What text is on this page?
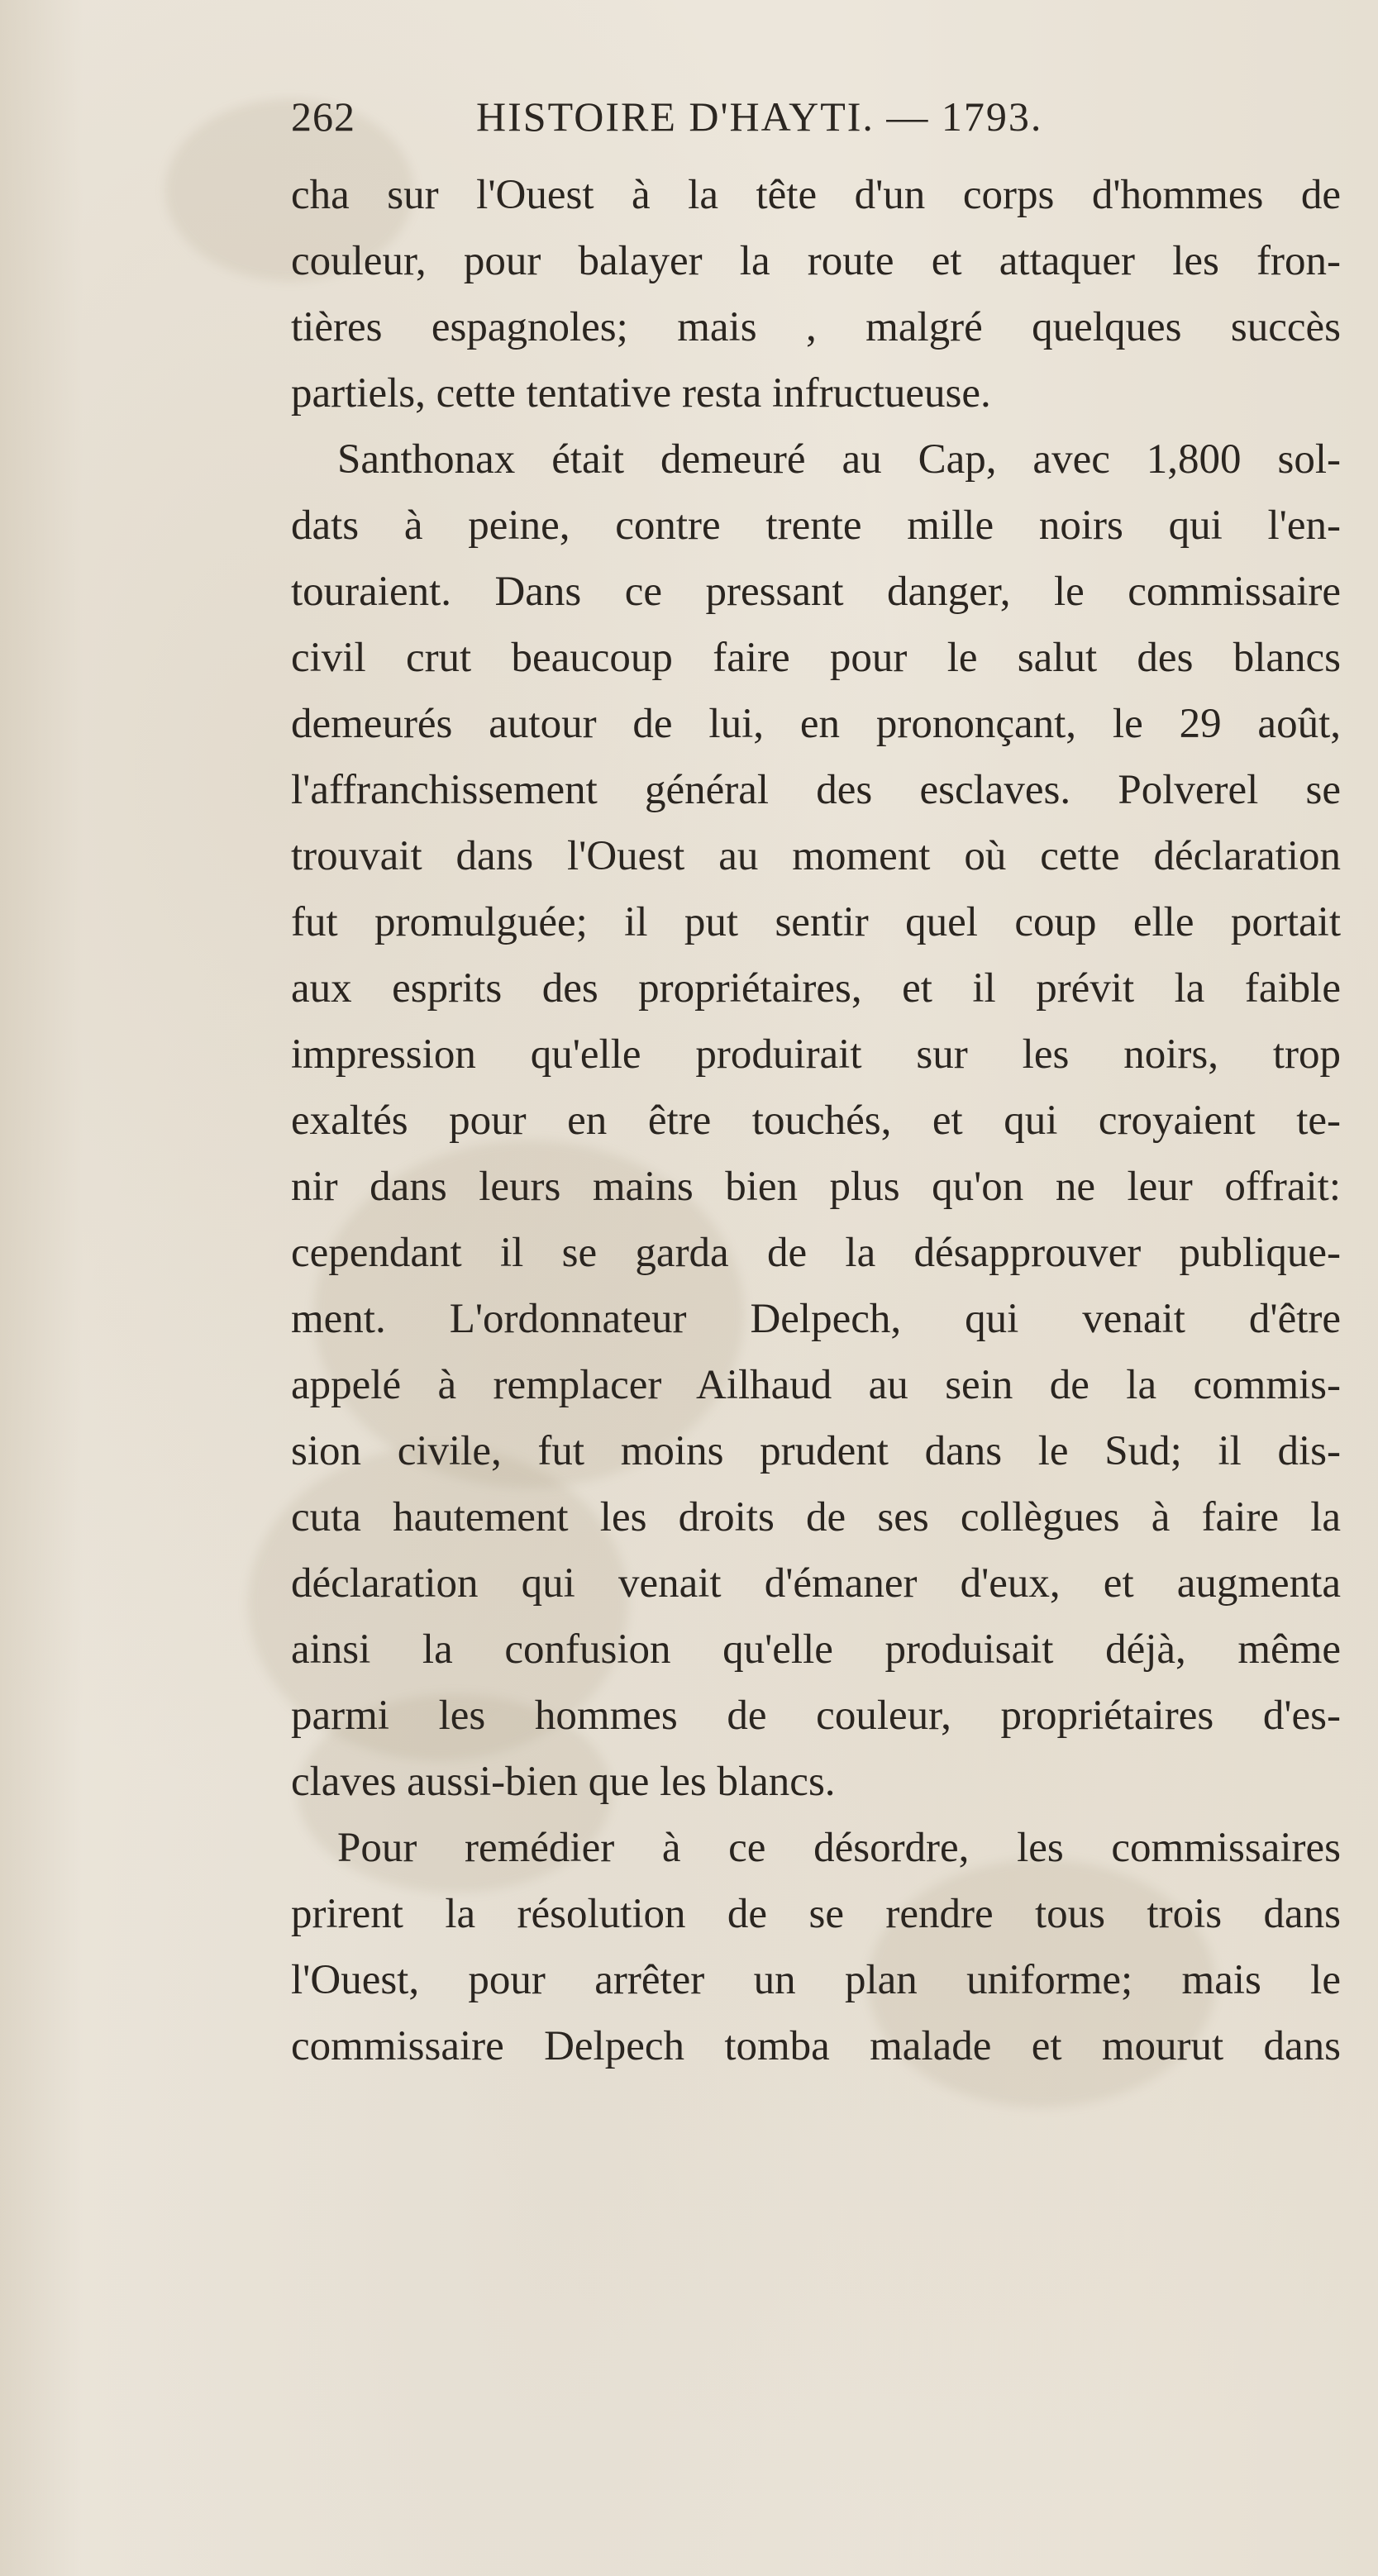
262	HISTOIRE D'HAYTI. — 1793.
cha sur l'Ouest à la tête d'un corps d'hommes de
couleur, pour balayer la route et attaquer les fron-
tières espagnoles; mais , malgré quelques succès
partiels, cette tentative resta infructueuse.
Santhonax était demeuré au Cap, avec 1,800 sol-
dats à peine, contre trente mille noirs qui l'en-
touraient. Dans ce pressant danger, le commissaire
civil crut beaucoup faire pour le salut des blancs
demeurés autour de lui, en prononçant, le 29 août,
l'affranchissement général des esclaves. Polverel se
trouvait dans l'Ouest au moment où cette déclaration
fut promulguée; il put sentir quel coup elle portait
aux esprits des propriétaires, et il prévit la faible
impression qu'elle produirait sur les noirs, trop
exaltés pour en être touchés, et qui croyaient te-
nir dans leurs mains bien plus qu'on ne leur offrait:
cependant il se garda de la désapprouver publique-
ment. L'ordonnateur Delpech, qui venait d'être
appelé à remplacer Ailhaud au sein de la commis-
sion civile, fut moins prudent dans le Sud; il dis-
cuta hautement les droits de ses collègues à faire la
déclaration qui venait d'émaner d'eux, et augmenta
ainsi la confusion qu'elle produisait déjà, même
parmi les hommes de couleur, propriétaires d'es-
claves aussi-bien que les blancs.
Pour remédier à ce désordre, les commissaires
prirent la résolution de se rendre tous trois dans
l'Ouest, pour arrêter un plan uniforme; mais le
commissaire Delpech tomba malade et mourut dans
